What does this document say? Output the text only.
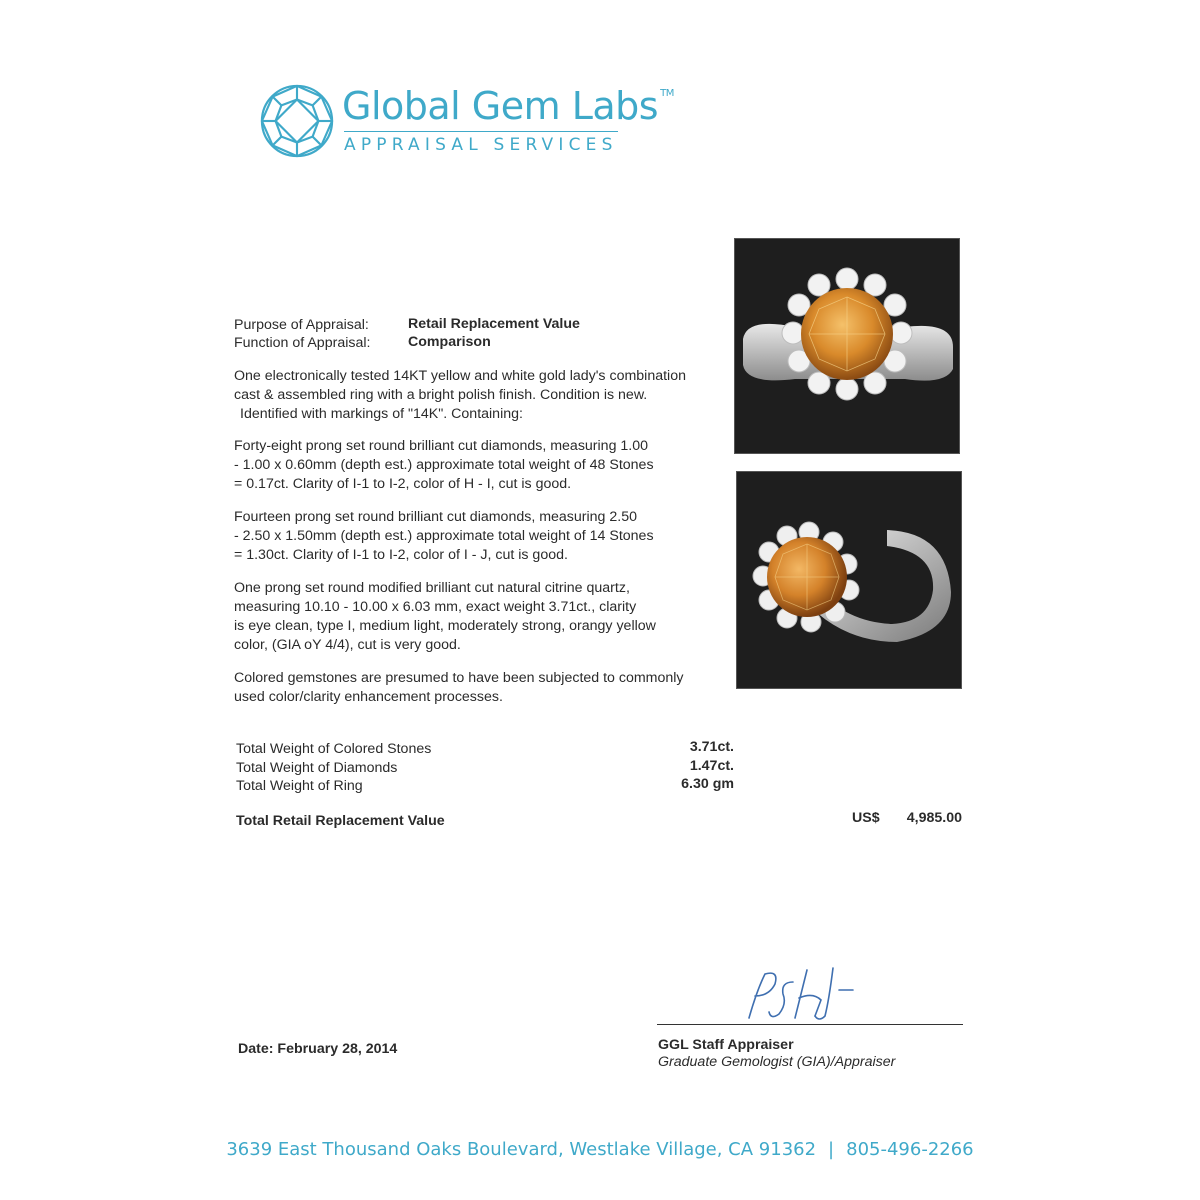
Global Gem Labs ™
APPRAISAL SERVICES
Purpose of Appraisal:	Retail Replacement Value
Function of Appraisal:	Comparison
One electronically tested 14KT yellow and white gold lady's combination
cast & assembled ring with a bright polish finish. Condition is new.
Identified with markings of "14K". Containing:
Forty-eight prong set round brilliant cut diamonds, measuring 1.00
- 1.00 x 0.60mm (depth est.) approximate total weight of 48 Stones
= 0.17ct. Clarity of I-1 to I-2, color of H - I, cut is good.
Fourteen prong set round brilliant cut diamonds, measuring 2.50
- 2.50 x 1.50mm (depth est.) approximate total weight of 14 Stones
= 1.30ct. Clarity of I-1 to I-2, color of I - J, cut is good.
One prong set round modified brilliant cut natural citrine quartz,
measuring 10.10 - 10.00 x 6.03 mm, exact weight 3.71ct., clarity
is eye clean, type I, medium light, moderately strong, orangy yellow
color, (GIA oY 4/4), cut is very good.
Colored gemstones are presumed to have been subjected to commonly
used color/clarity enhancement processes.
Total Weight of Colored Stones	3.71ct.
Total Weight of Diamonds	1.47ct.
Total Weight of Ring	6.30 gm
Total Retail Replacement Value	US$	4,985.00
Date: February 28, 2014	GGL Staff Appraiser
Graduate Gemologist (GIA)/Appraiser
3639 East Thousand Oaks Boulevard, Westlake Village, CA 91362 | 805-496-2266
